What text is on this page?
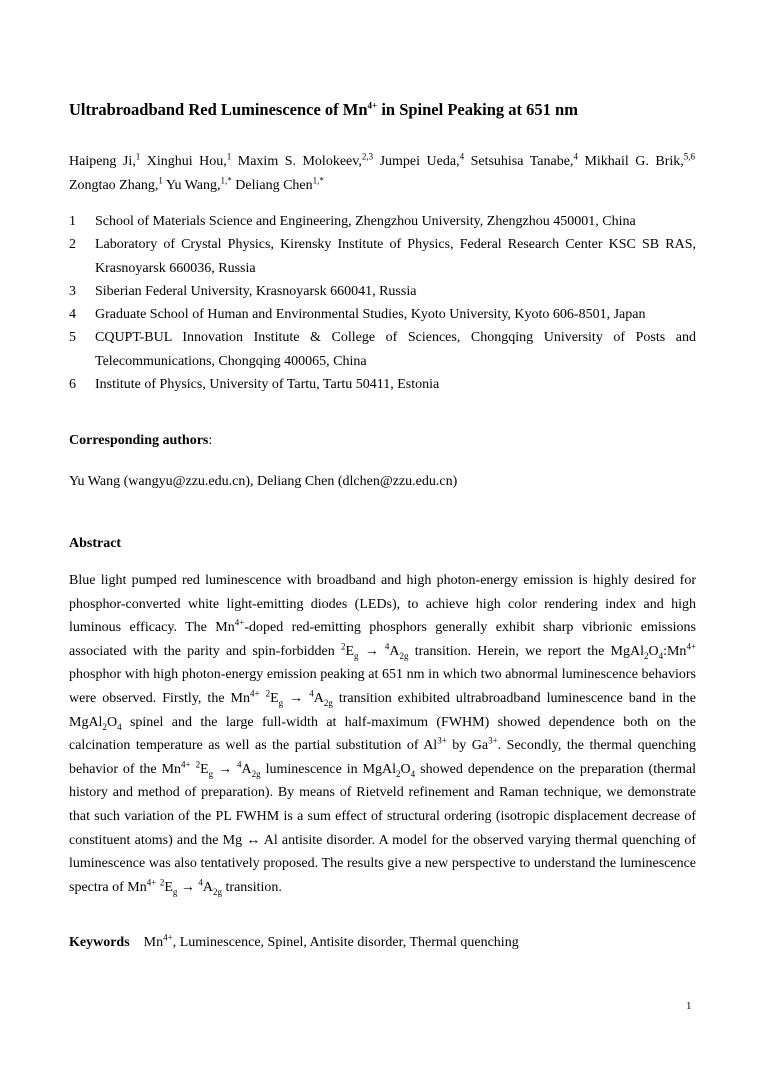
Ultrabroadband Red Luminescence of $Mn^{4+}$ in Spinel Peaking at 651 nm
Haipeng Ji,$^1$ Xinghui Hou,$^1$ Maxim S. Molokeev,$^{2,3}$ Jumpei Ueda,$^4$ Setsuhisa Tanabe,$^4$ Mikhail G. Brik,$^{5,6}$ Zongtao Zhang,$^1$ Yu Wang,$^{1,*}$ Deliang Chen$^{1,*}$
1 School of Materials Science and Engineering, Zhengzhou University, Zhengzhou 450001, China
2 Laboratory of Crystal Physics, Kirensky Institute of Physics, Federal Research Center KSC SB RAS, Krasnoyarsk 660036, Russia
3 Siberian Federal University, Krasnoyarsk 660041, Russia
4 Graduate School of Human and Environmental Studies, Kyoto University, Kyoto 606-8501, Japan
5 CQUPT-BUL Innovation Institute & College of Sciences, Chongqing University of Posts and Telecommunications, Chongqing 400065, China
6 Institute of Physics, University of Tartu, Tartu 50411, Estonia
Corresponding authors:
Yu Wang (wangyu@zzu.edu.cn), Deliang Chen (dlchen@zzu.edu.cn)
Abstract

Blue light pumped red luminescence with broadband and high photon-energy emission is highly desired for phosphor-converted white light-emitting diodes (LEDs), to achieve high color rendering index and high luminous efficacy. The $Mn^{4+}$-doped red-emitting phosphors generally exhibit sharp vibrionic emissions associated with the parity and spin-forbidden $^2E_g \to ^4A_{2g}$ transition. Herein, we report the $MgAl_2O_4:Mn^{4+}$ phosphor with high photon-energy emission peaking at 651 nm in which two abnormal luminescence behaviors were observed. Firstly, the $Mn^{4+}$ $^2E_g \to ^4A_{2g}$ transition exhibited ultrabroadband luminescence band in the $MgAl_2O_4$ spinel and the large full-width at half-maximum (FWHM) showed dependence both on the calcination temperature as well as the partial substitution of $Al^{3+}$ by $Ga^{3+}$. Secondly, the thermal quenching behavior of the $Mn^{4+}$ $^2E_g \to ^4A_{2g}$ luminescence in $MgAl_2O_4$ showed dependence on the preparation (thermal history and method of preparation). By means of Rietveld refinement and Raman technique, we demonstrate that such variation of the PL FWHM is a sum effect of structural ordering (isotropic displacement decrease of constituent atoms) and the Mg ↔ Al antisite disorder. A model for the observed varying thermal quenching of luminescence was also tentatively proposed. The results give a new perspective to understand the luminescence spectra of $Mn^{4+}$ $^2E_g \to ^4A_{2g}$ transition.

Keywords $Mn^{4+}$, Luminescence, Spinel, Antisite disorder, Thermal quenching
1
